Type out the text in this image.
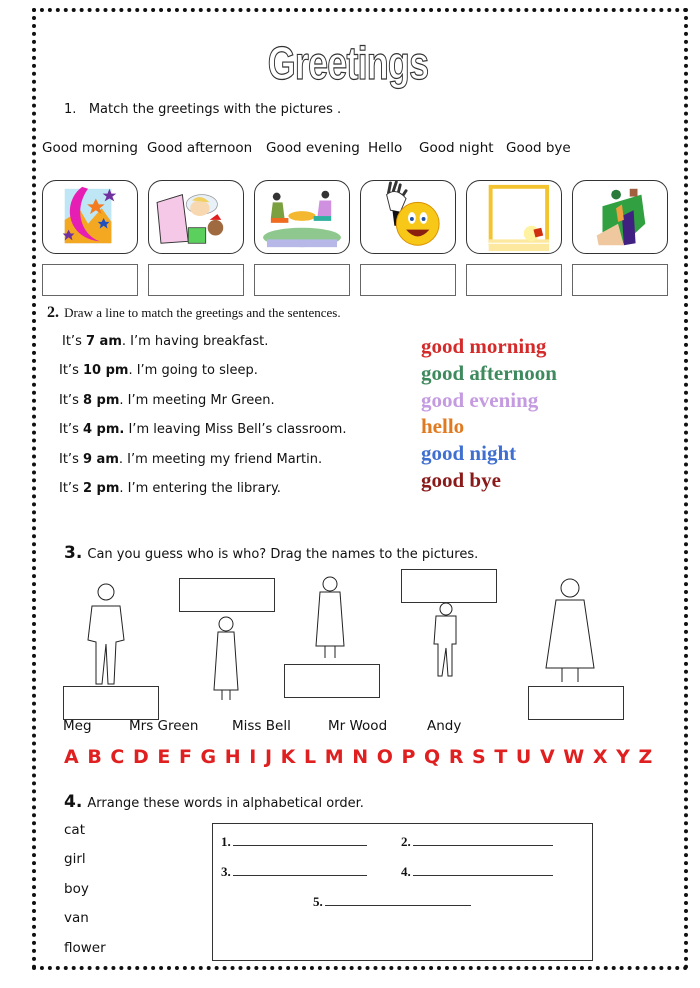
Greetings
1. Match the greetings with the pictures .
Good morning Good afternoon Good evening Hello Good night Good bye
2. Draw a line to match the greetings and the sentences.
It’s 7 am. I’m having breakfast.
It’s 10 pm. I’m going to sleep.
It’s 8 pm. I’m meeting Mr Green.
It’s 4 pm. I’m leaving Miss Bell’s classroom.
It’s 9 am. I’m meeting my friend Martin.
It’s 2 pm. I’m entering the library.
good morning
good afternoon
good evening
hello
good night
good bye
3. Can you guess who is who? Drag the names to the pictures.
Meg	Mrs Green Miss Bell	Mr Wood	Andy
A B C D E F G H I J K L M N O P Q R S T U V W X Y Z
4. Arrange these words in alphabetical order.
cat
girl
boy
van
flower
1.	2.
3.	4.
5.
